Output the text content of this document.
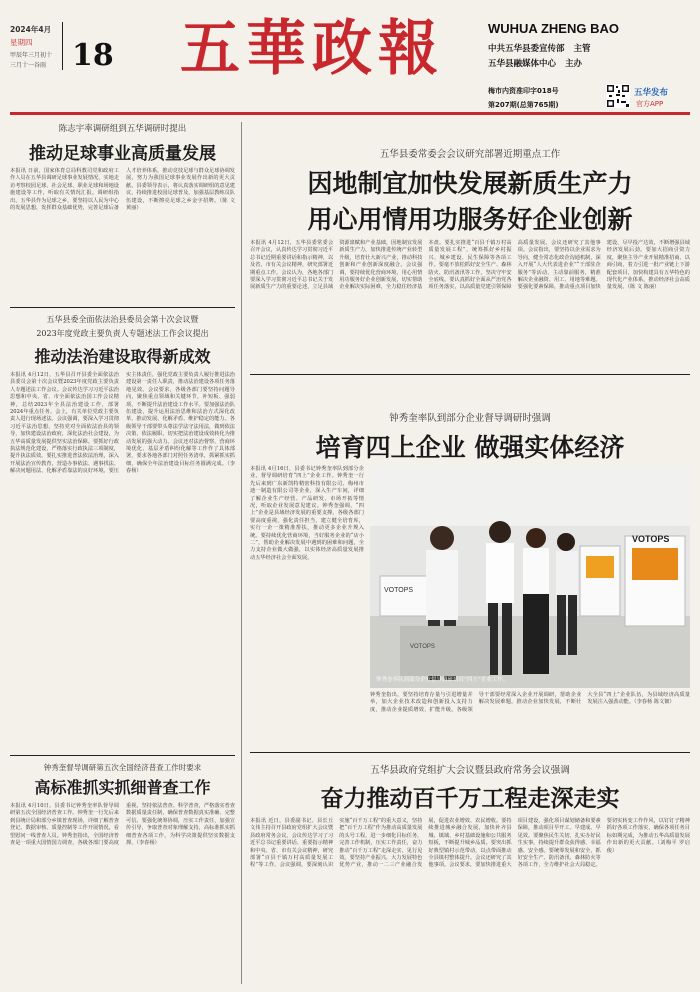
2024年4月
星期四
甲辰年三月初十
三月十一谷雨 18 五華政報	WUHUA ZHENG BAO
中共五华县委宣传部 主管
五华县融媒体中心 主办
梅市内资准印字018号
第207期(总第765期)
五华发布
官方APP
陈志宇率调研组到五华调研时提出
推动足球事业高质量发展
本报讯 日前，国家体育总局科教司党和政府工作人员在五华县调研足球事业发展情况，实地走访考察校园足球、社会足球、职业足球和场地设施建设等工作，听取有关情况汇报。调研组指出，五华县作为足球之乡，要坚持以人民为中心的发展思想，发挥群众基础优势，完善足球后备人才培养体系，推动竞技足球与群众足球协调发展，努力为我国足球事业发展作出新的更大贡献。县委领导表示，将认真落实调研组的意见建议，持续推进校园足球普及，加强基层教练员队伍建设，不断擦亮足球之乡金字招牌。（陈 文 黄丽）
五华县委全面依法治县委员会第十次会议暨
2023年度党政主要负责人专题述法工作会议提出
推动法治建设取得新成效
本报讯 4月12日，五华县召开县委全面依法治县委员会第十次会议暨2023年度党政主要负责人专题述法工作会议。会议传达学习习近平法治思想和中央、省、市全面依法治国工作会议精神，总结2023年全县法治建设工作，部署2024年重点任务。会上，有关单位党政主要负责人进行现场述法。会议强调，要深入学习贯彻习近平法治思想，坚持党对全面依法治县的领导，加快建设法治政府，深化法治社会建设，为五华高质量发展提供坚实法治保障。要抓好行政执法规范化建设，严格落实行政执法三项制度，提升执法质效。要扎实推进普法依法治理，深入开展法治宣传教育，营造办事依法、遇事找法、解决问题用法、化解矛盾靠法的良好环境。要压实主体责任，强化党政主要负责人履行推进法治建设第一责任人职责，推动法治建设各项任务落地见效。会议要求，各级各部门要坚持问题导向，聚焦重点领域和关键环节，补短板、强弱项，不断提升法治建设工作水平。要加强法治队伍建设，提升运用法治思维和法治方式深化改革、推动发展、化解矛盾、维护稳定的能力。各级领导干部要带头尊法学法守法用法，做到依法决策、依法履职，切实把法治建设成效转化为推动发展的强大动力。会议还对法治督察、营商环境优化、基层矛盾纠纷化解等工作作了具体部署，要求各地各部门对照任务清单，抓紧抓实抓细，确保全年法治建设目标任务圆满完成。（李春杨）
钟秀奎督导调研第五次全国经济普查工作时要求
高标准抓实抓细普查工作
本报讯 4月10日，县委书记钟秀奎率队督导调研第五次全国经济普查工作。钟秀奎一行先后来到县统计局和部分乡镇普查现场，详细了解普查登记、数据审核、质量控制等工作开展情况，看望慰问一线普查人员。钟秀奎指出，全国经济普查是一项重大国情国力调查，各级各部门要高度重视，坚持依法普查、科学普查，严格落实普查数据质量责任制，确保普查数据真实准确、完整可信。要强化统筹协调，压实工作责任，加强宣传引导，争取普查对象理解支持，高标准抓实抓细普查各项工作，为科学决策提供坚实数据支撑。（李春杨）
五华县委常委会会议研究部署近期重点工作
因地制宜加快发展新质生产力
用心用情用功服务好企业创新
本报讯 4月12日，五华县委常委会召开会议，认真传达学习贯彻习近平总书记近期重要讲话和指示精神，以及省、市有关会议精神，研究部署近期重点工作。会议认为，各地各部门要深入学习贯彻习近平总书记关于发展新质生产力的重要论述，立足县域资源禀赋和产业基础，因地制宜发展新质生产力，加快推进传统产业转型升级，培育壮大新兴产业，推动科技创新和产业创新深度融合。会议强调，要持续优化营商环境，用心用情用功服务好企业创新发展，切实帮助企业解决实际困难，全力稳住经济基本盘。要扎实推进“百县千镇万村高质量发展工程”，统筹抓好乡村振兴、城乡建设、民生保障等各项工作。要毫不放松抓好安全生产、森林防火、防汛备汛等工作，坚决守牢安全底线。要认真抓好全面从严治党各项任务落实，以高质量党建引领保障高质量发展。会议还研究了其他事项。会议指出，要坚持以企业需求为导向，健全常态化政企沟通机制，深入开展“人大代表进企业”“干部驻企服务”等活动，主动靠前服务，精准解决企业融资、用工、用地等难题。要强化要素保障，推动重点项目加快建设、尽早投产达效，不断增强县域经济发展后劲。要加大招商引资力度，聚焦主导产业开展精准招商、以商引商，着力引进一批产业链上下游配套项目，加快构建具有五华特色的现代化产业体系，推动经济社会高质量发展。（陈 文 陈丽）
钟秀奎率队到部分企业督导调研时强调
培育四上企业 做强实体经济
本报讯 4月16日，县委书记钟秀奎率队到部分企业，督导调研培育“四上”企业工作。钟秀奎一行先后来到广东新凯特精密科技有限公司、梅州市迪一制造有限公司等企业，深入生产车间，详细了解企业生产经营、产品研发、市场开拓等情况，听取企业发展意见建议。钟秀奎强调，“四上”企业是县域经济发展的重要支撑，各级各部门要高度重视，强化责任担当，建立健全培育库，实行一企一策精准帮扶，推动更多企业升规入统。要持续优化营商环境，当好服务企业的“店小二”，帮助企业解决发展中遇到的困难和问题，全力支持企业做大做强，以实体经济高质量发展推动五华经济社会全面发展。
VOTOPS
VOTOPS
VOTOPS
钟秀奎率队到部分企业督导调研培育“四上”企业工作。
钟秀奎指出，要坚持培育存量与引进增量并举，加大企业技术改造和创新投入支持力度，推动企业提质增效、扩能升级。各级领导干部要经常深入企业开展调研，帮助企业解决发展难题，推动企业加快发展，不断壮大全县“四上”企业队伍，为县域经济高质量发展注入强劲动能。（李春杨 陈文钿）
五华县政府党组扩大会议暨县政府常务会议强调
奋力推动百千万工程走深走实
本报讯 近日，县委副书记、县长丘文伟主持召开县政府党组扩大会议暨县政府常务会议。会议传达学习了习近平总书记重要讲话、重要指示精神和中央、省、市有关会议精神，研究部署“百县千镇万村高质量发展工程”等工作。会议强调，要深刻认识实施“百千万工程”的重大意义，坚持把“百千万工程”作为推动高质量发展的头号工程，进一步细化目标任务，完善工作机制，压实工作责任，奋力推动“百千万工程”走深走实、见行见效。要坚持产业振兴，大力发展特色优势产业，推动一二三产业融合发展，促进农业增效、农民增收。要持续推进城乡融合发展，加快补齐县城、镇域、乡村基础设施和公共服务短板，不断提升城乡品质。要突出抓好典型镇村示范带动，以点带面推动全县镇村整体提升。会议还研究了其他事项。会议要求，要加快推进重大项目建设，强化项目谋划储备和要素保障，推动项目早开工、早建成、早见效。要聚焦民生关切，扎实办好民生实事，持续提升群众获得感、幸福感、安全感。要统筹发展和安全，抓好安全生产、防汛备汛、森林防火等各项工作，全力维护社会大局稳定。要切实转变工作作风，以钉钉子精神抓好各项工作落实，确保各项任务目标如期完成，为推动五华高质量发展作出新的更大贡献。（刘梅平 罗启俊）
